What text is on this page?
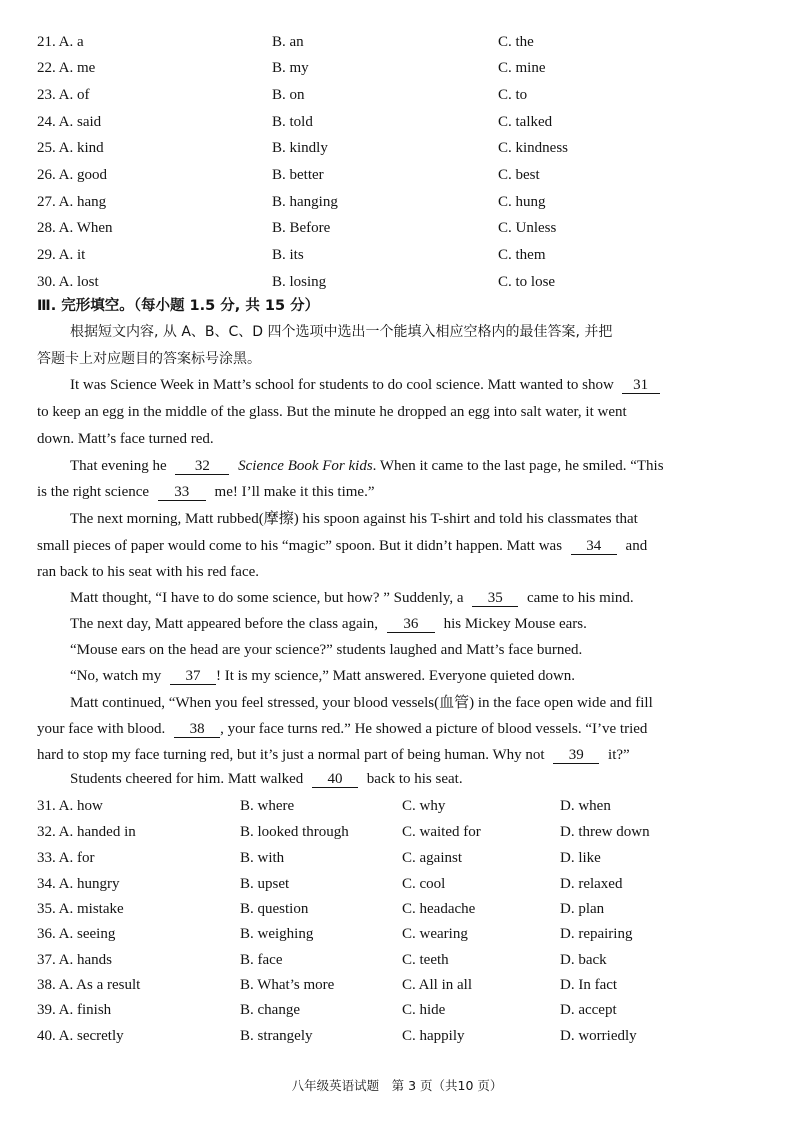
21. A. a	B. an	C. the
22. A. me	B. my	C. mine
23. A. of	B. on	C. to
24. A. said	B. told	C. talked
25. A. kind	B. kindly	C. kindness
26. A. good	B. better	C. best
27. A. hang	B. hanging	C. hung
28. A. When	B. Before	C. Unless
29. A. it	B. its	C. them
30. A. lost	B. losing	C. to lose
Ⅲ. 完形填空。（每小题 1.5 分, 共 15 分）
根据短文内容, 从 A、B、C、D 四个选项中选出一个能填入相应空格内的最佳答案, 并把
答题卡上对应题目的答案标号涂黑。
It was Science Week in Matt’s school for students to do cool science. Matt wanted to show 31
to keep an egg in the middle of the glass. But the minute he dropped an egg into salt water, it went
down. Matt’s face turned red.
That evening he 32 Science Book For kids. When it came to the last page, he smiled. “This
is the right science 33 me! I’ll make it this time.”
The next morning, Matt rubbed(摩擦) his spoon against his T-shirt and told his classmates that
small pieces of paper would come to his “magic” spoon. But it didn’t happen. Matt was 34 and
ran back to his seat with his red face.
Matt thought, “I have to do some science, but how? ” Suddenly, a 35 came to his mind.
The next day, Matt appeared before the class again, 36 his Mickey Mouse ears.
“Mouse ears on the head are your science?” students laughed and Matt’s face burned.
“No, watch my 37 ! It is my science,” Matt answered. Everyone quieted down.
Matt continued, “When you feel stressed, your blood vessels(血管) in the face open wide and fill
your face with blood. 38 , your face turns red.” He showed a picture of blood vessels. “I’ve tried
hard to stop my face turning red, but it’s just a normal part of being human. Why not 39 it?”
Students cheered for him. Matt walked 40 back to his seat.
31. A. how	B. where	C. why	D. when
32. A. handed in	B. looked through	C. waited for	D. threw down
33. A. for	B. with	C. against	D. like
34. A. hungry	B. upset	C. cool	D. relaxed
35. A. mistake	B. question	C. headache	D. plan
36. A. seeing	B. weighing	C. wearing	D. repairing
37. A. hands	B. face	C. teeth	D. back
38. A. As a result	B. What’s more	C. All in all	D. In fact
39. A. finish	B. change	C. hide	D. accept
40. A. secretly	B. strangely	C. happily	D. worriedly
八年级英语试题　第 3 页（共10 页）
